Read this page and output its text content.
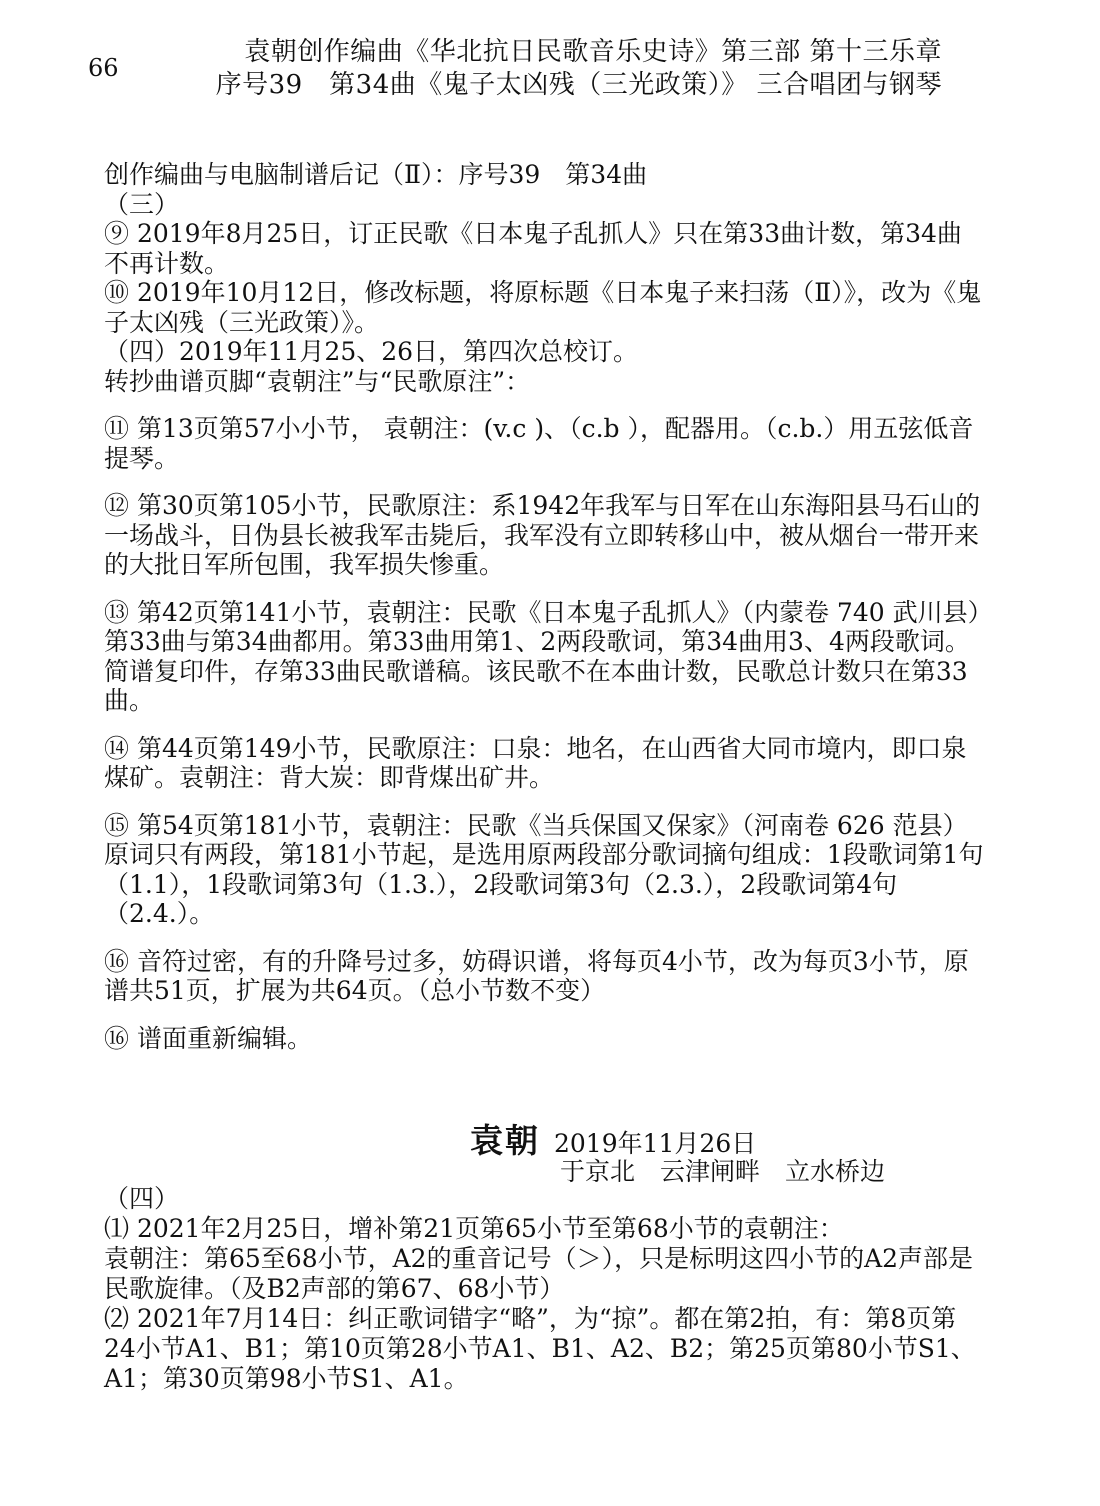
66
袁朝创作编曲《华北抗日民歌音乐史诗》第三部 第十三乐章
序号39　第34曲《鬼子太凶残（三光政策）》 三合唱团与钢琴

创作编曲与电脑制谱后记（Ⅱ）：序号39　第34曲

（三）

⑨ 2019年8月25日，订正民歌《日本鬼子乱抓人》只在第33曲计数，第34曲不再计数。

⑩ 2019年10月12日，修改标题，将原标题《日本鬼子来扫荡（Ⅱ）》，改为《鬼子太凶残（三光政策）》。

（四）2019年11月25、26日，第四次总校订。

转抄曲谱页脚“袁朝注”与“民歌原注”：

⑪ 第13页第57小小节， 袁朝注：(v.c )、（c.b ），配器用。（c.b.）用五弦低音提琴。

⑫ 第30页第105小节，民歌原注：系1942年我军与日军在山东海阳县马石山的一场战斗，日伪县长被我军击毙后，我军没有立即转移山中，被从烟台一带开来的大批日军所包围，我军损失惨重。

⑬ 第42页第141小节，袁朝注：民歌《日本鬼子乱抓人》（内蒙卷 740 武川县）第33曲与第34曲都用。第33曲用第1、2两段歌词，第34曲用3、4两段歌词。简谱复印件，存第33曲民歌谱稿。该民歌不在本曲计数，民歌总计数只在第33曲。

⑭ 第44页第149小节，民歌原注：口泉：地名，在山西省大同市境内，即口泉煤矿。袁朝注：背大炭：即背煤出矿井。

⑮ 第54页第181小节，袁朝注：民歌《当兵保国又保家》（河南卷 626 范县）原词只有两段，第181小节起，是选用原两段部分歌词摘句组成：1段歌词第1句（1.1），1段歌词第3句（1.3.），2段歌词第3句（2.3.），2段歌词第4句（2.4.）。

⑯ 音符过密，有的升降号过多，妨碍识谱，将每页4小节，改为每页3小节，原谱共51页，扩展为共64页。（总小节数不变）

⑯ 谱面重新编辑。

袁朝 2019年11月26日
于京北　云津闸畔　立水桥边

（四）

⑴ 2021年2月25日，增补第21页第65小节至第68小节的袁朝注：

袁朝注：第65至68小节，A2的重音记号（＞），只是标明这四小节的A2声部是民歌旋律。（及B2声部的第67、68小节）

⑵ 2021年7月14日：纠正歌词错字“略”，为“掠”。都在第2拍，有：第8页第24小节A1、B1；第10页第28小节A1、B1、A2、B2；第25页第80小节S1、A1；第30页第98小节S1、A1。
